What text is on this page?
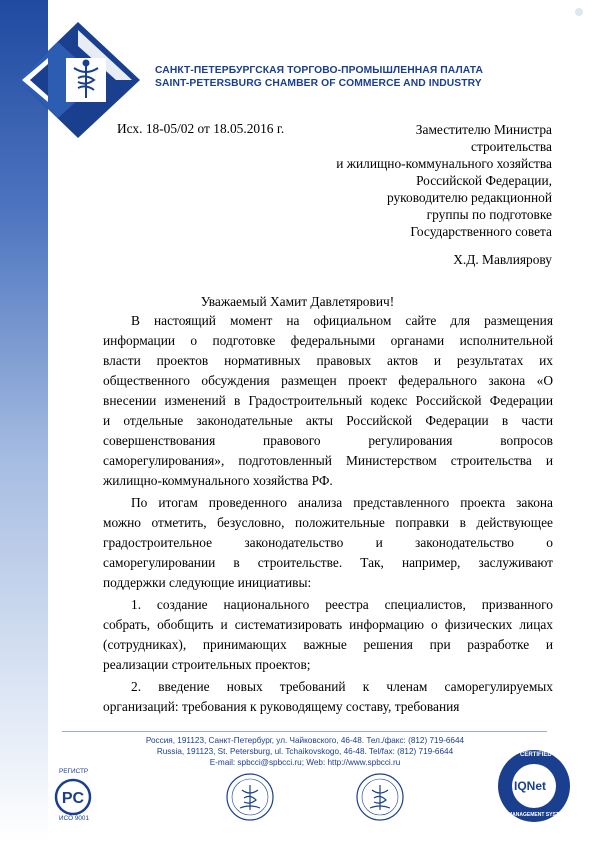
САНКТ-ПЕТЕРБУРГСКАЯ ТОРГОВО-ПРОМЫШЛЕННАЯ ПАЛАТА
SAINT-PETERSBURG CHAMBER OF COMMERCE AND INDUSTRY
Исх. 18-05/02 от 18.05.2016 г.	Заместителю Министра
строительства
и жилищно-коммунального хозяйства
Российской Федерации,
руководителю редакционной
группы по подготовке
Государственного совета
Х.Д. Мавлиярову
Уважаемый Хамит Давлетярович!
В настоящий момент на официальном сайте для размещения
информации о подготовке федеральными органами исполнительной
власти проектов нормативных правовых актов и результатах их
общественного обсуждения размещен проект федерального закона «О
внесении изменений в Градостроительный кодекс Российской Федерации
и отдельные законодательные акты Российской Федерации в части
совершенствования правового регулирования вопросов
саморегулирования», подготовленный Министерством строительства и
жилищно-коммунального хозяйства РФ.
По итогам проведенного анализа представленного проекта закона
можно отметить, безусловно, положительные поправки в действующее
градостроительное законодательство и законодательство о
саморегулировании в строительстве. Так, например, заслуживают
поддержки следующие инициативы:
1. создание национального реестра специалистов, призванного
собрать, обобщить и систематизировать информацию о физических лицах
(сотрудниках), принимающих важные решения при разработке и
реализации строительных проектов;
2. введение новых требований к членам саморегулируемых
организаций: требования к руководящему составу, требования
Россия, 191123, Санкт-Петербург, ул. Чайковского, 46-48. Тел./факс: (812) 719-6644
Russia, 191123, St. Petersburg, ul. Tchaikovskogo, 46-48. Tel/fax: (812) 719-6644
E-mail: spbcci@spbcci.ru; Web: http://www.spbcci.ru
РЕГИСТР
PC
ИСО 9001
CERTIFIED
IQNet
MANAGEMENT SYSTEM
